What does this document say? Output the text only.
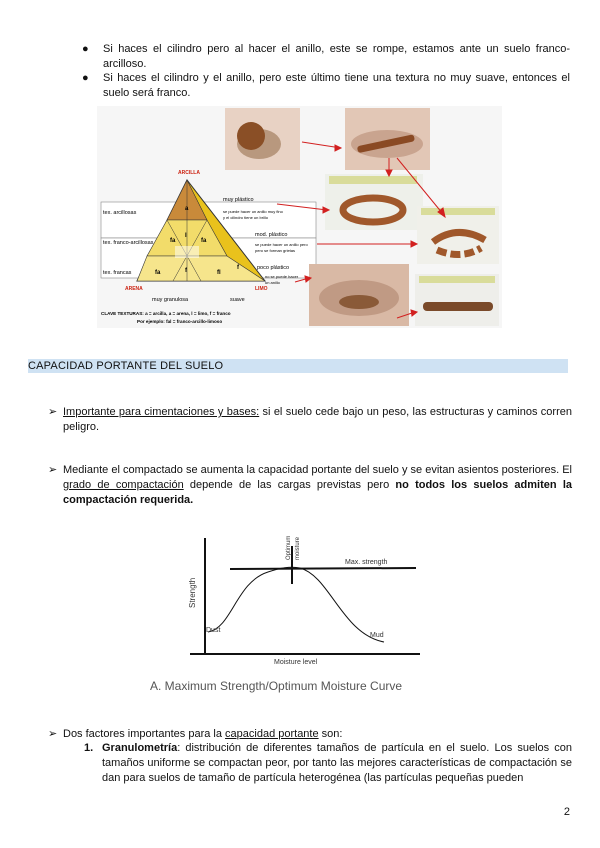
●	Si haces el cilindro pero al hacer el anillo, este se rompe, estamos ante un suelo franco-arcilloso.
●	Si haces el cilindro y el anillo, pero este último tiene una textura no muy suave, entonces el suelo será franco.
ARCILLA
ARENA	LIMO
tex. arcillosas
tex. franco-arcillosas
tex. francas
muy granulosa	suave
a
fa
l
fa
fl
fa	f	f
muy plástico
se puede hacer un anillo muy fino
y el cilindro tiene un brillo
mod. plástico
se puede hacer un anillo pero
pero se forman grietas
poco plástico
no se puede hacer
un anillo
CLAVE TEXTURAS: a = arcilla, a = arena, l = limo, f = franco
Por ejemplo: fal = franco-arcillo-limoso
CAPACIDAD PORTANTE DEL SUELO
➢ Importante para cimentaciones y bases: si el suelo cede bajo un peso, las estructuras y caminos corren peligro.
➢ Mediante el compactado se aumenta la capacidad portante del suelo y se evitan asientos posteriores. El grado de compactación depende de las cargas previstas pero no todos los suelos admiten la compactación requerida.
Strength
Moisture level
Optimum moisture
Max. strength
Dust
Mud
A. Maximum Strength/Optimum Moisture Curve
➢ Dos factores importantes para la capacidad portante son:
1. Granulometría: distribución de diferentes tamaños de partícula en el suelo. Los suelos con tamaños uniforme se compactan peor, por tanto las mejores características de compactación se dan para suelos de tamaño de partícula heterogénea (las partículas pequeñas pueden
2
